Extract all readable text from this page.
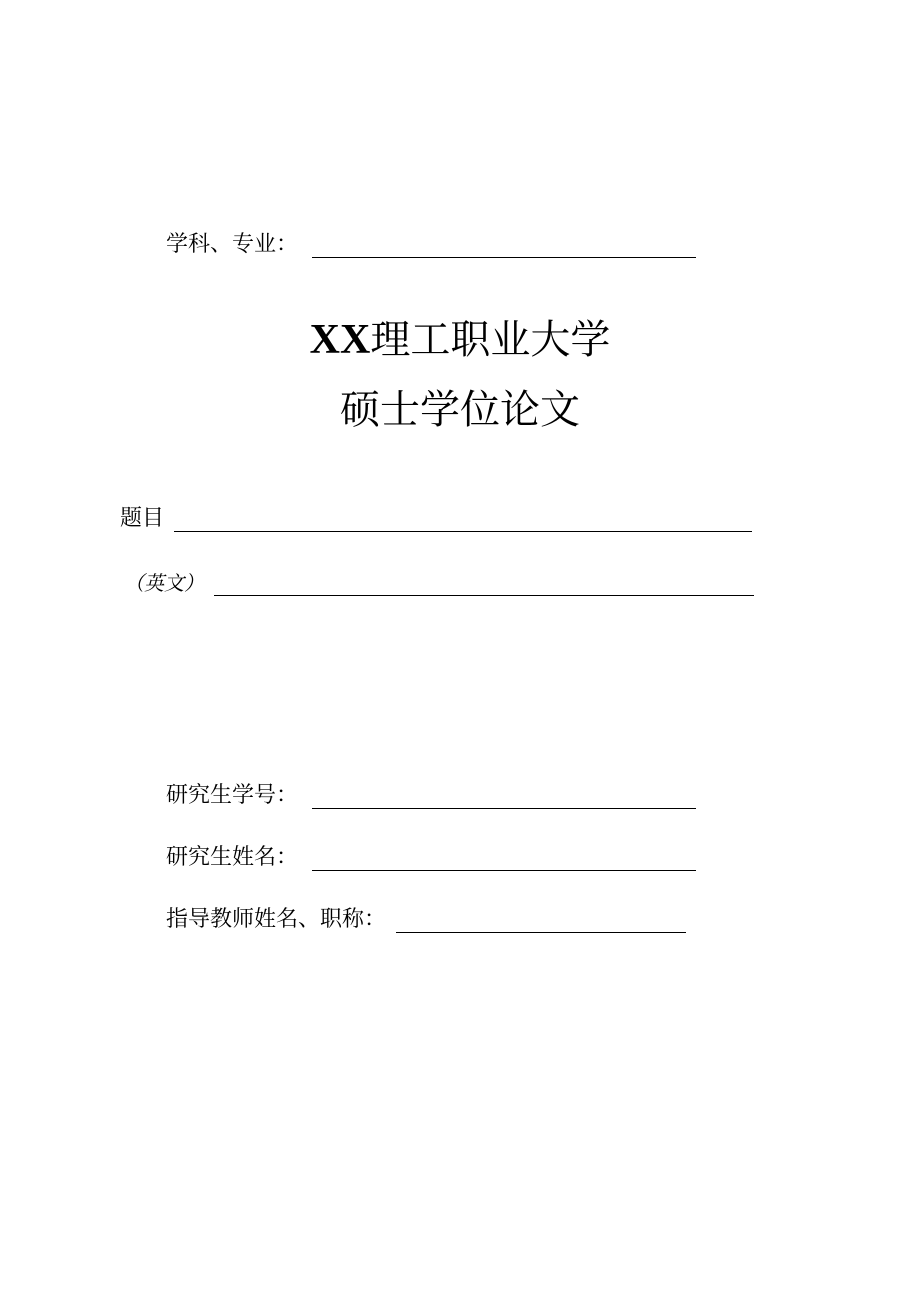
学科、专业：
XX理工职业大学
硕士学位论文
题目
（英文）
研究生学号：
研究生姓名：
指导教师姓名、职称：
